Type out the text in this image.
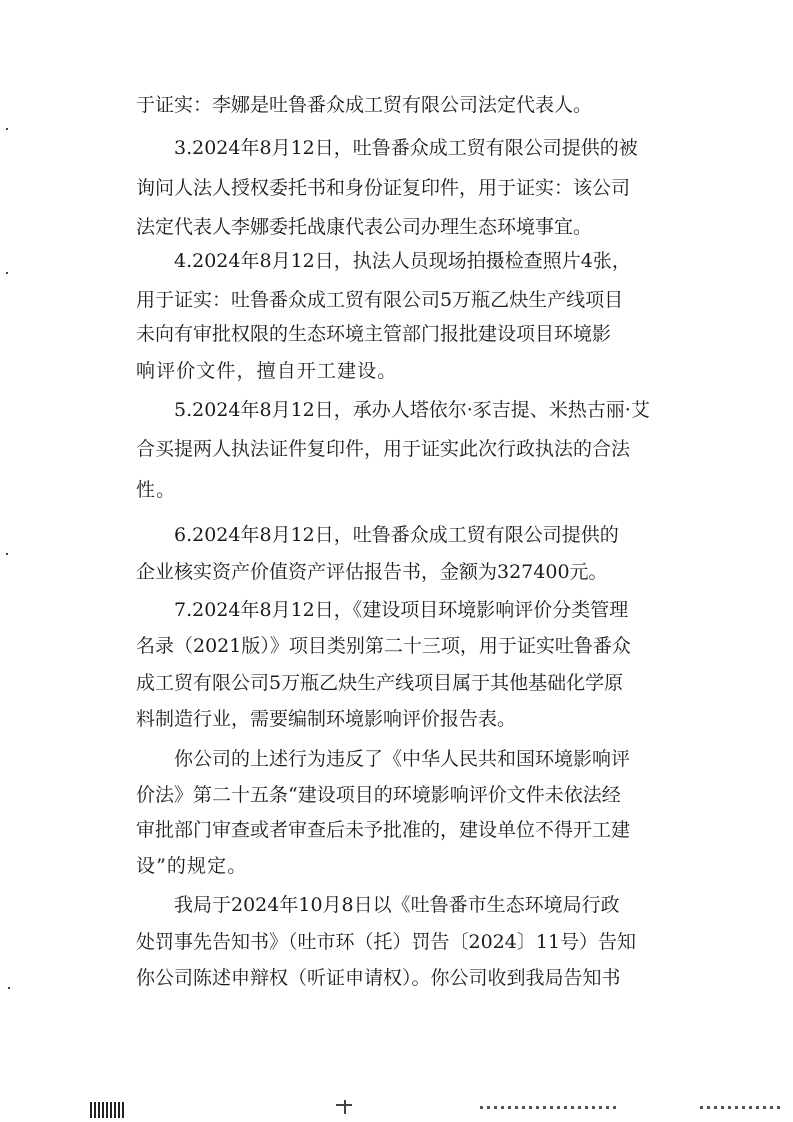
于证实：李娜是吐鲁番众成工贸有限公司法定代表人。
3.2024年8月12日，吐鲁番众成工贸有限公司提供的被
询问人法人授权委托书和身份证复印件，用于证实：该公司
法定代表人李娜委托战康代表公司办理生态环境事宜。
4.2024年8月12日，执法人员现场拍摄检查照片4张，
用于证实：吐鲁番众成工贸有限公司5万瓶乙炔生产线项目
未向有审批权限的生态环境主管部门报批建设项目环境影
响评价文件，擅自开工建设。
5.2024年8月12日，承办人塔依尔·豕吉提、米热古丽·艾
合买提两人执法证件复印件，用于证实此次行政执法的合法
性。
6.2024年8月12日，吐鲁番众成工贸有限公司提供的
企业核实资产价值资产评估报告书，金额为327400元。
7.2024年8月12日，《建设项目环境影响评价分类管理
名录（2021版）》项目类别第二十三项，用于证实吐鲁番众
成工贸有限公司5万瓶乙炔生产线项目属于其他基础化学原
料制造行业，需要编制环境影响评价报告表。
你公司的上述行为违反了《中华人民共和国环境影响评
价法》第二十五条“建设项目的环境影响评价文件未依法经
审批部门审查或者审查后未予批准的，建设单位不得开工建
设”的规定。
我局于2024年10月8日以《吐鲁番市生态环境局行政
处罚事先告知书》（吐市环（托）罚告〔2024〕11号）告知
你公司陈述申辩权（听证申请权）。你公司收到我局告知书
